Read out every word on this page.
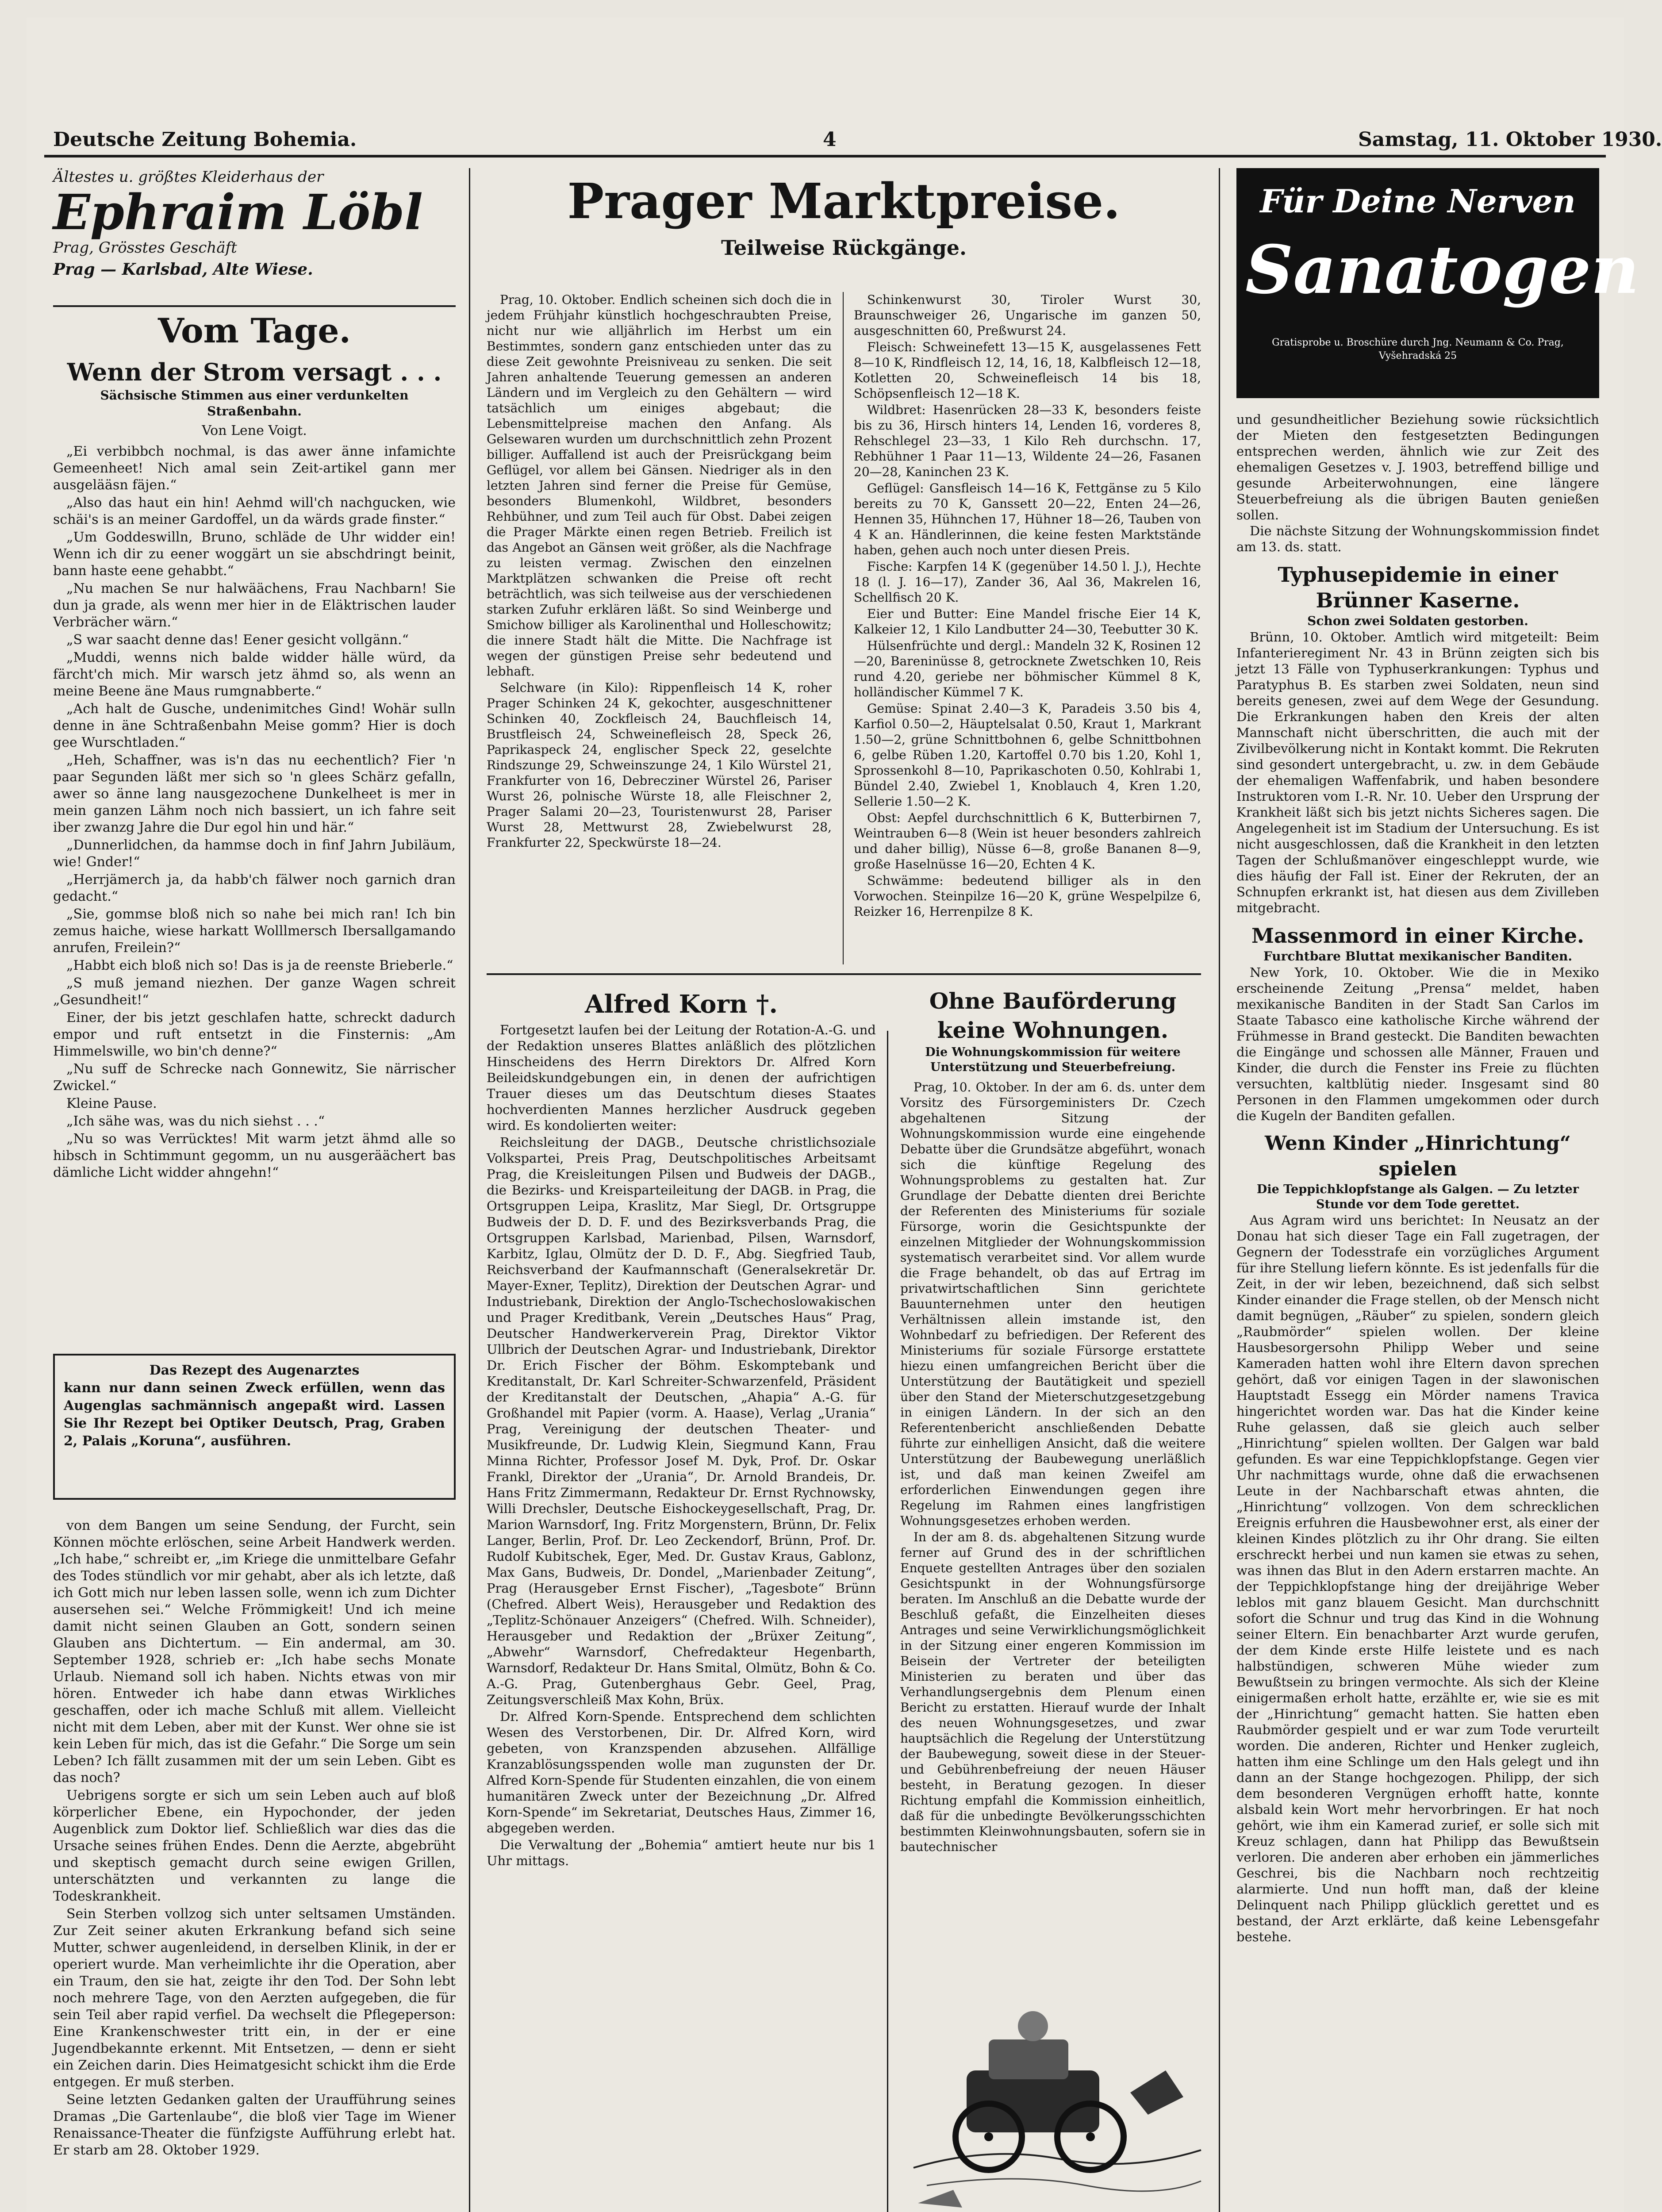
Deutsche Zeitung Bohemia.	4	Samstag, 11. Oktober 1930.
Ältestes u. größtes Kleiderhaus der
Ephraim Löbl
Prag, Grösstes Geschäft
Prag — Karlsbad, Alte Wiese.
Vom Tage.
Wenn der Strom versagt . . .
Sächsische Stimmen aus einer verdunkelten Straßenbahn.
Von Lene Voigt.

„Ei verbibbch nochmal, is das awer änne infamichte Gemeenheet! Nich amal sein Zeit-artikel gann mer ausgelääsn fäjen.“

„Also das haut ein hin! Aehmd will'ch nachgucken, wie schäi's is an meiner Gardoffel, un da wärds grade finster.“

„Um Goddeswilln, Bruno, schläde de Uhr widder ein! Wenn ich dir zu eener woggärt un sie abschdringt beinit, bann haste eene gehabbt.“

„Nu machen Se nur halwäächens, Frau Nachbarn! Sie dun ja grade, als wenn mer hier in de Eläktrischen lauder Verbrächer wärn.“

„S war saacht denne das! Eener gesicht vollgänn.“

„Muddi, wenns nich balde widder hälle würd, da färcht'ch mich. Mir warsch jetz ähmd so, als wenn an meine Beene äne Maus rumgnabberte.“

„Ach halt de Gusche, undenimitches Gind! Wohär sulln denne in äne Schtraßenbahn Meise gomm? Hier is doch gee Wurschtladen.“

„Heh, Schaffner, was is'n das nu eechentlich? Fier 'n paar Segunden läßt mer sich so 'n glees Schärz gefalln, awer so änne lang nausgezochene Dunkelheet is mer in mein ganzen Lähm noch nich bassiert, un ich fahre seit iber zwanzg Jahre die Dur egol hin und här.“

„Dunnerlidchen, da hammse doch in finf Jahrn Jubiläum, wie! Gnder!“

„Herrjämerch ja, da habb'ch fälwer noch garnich dran gedacht.“

„Sie, gommse bloß nich so nahe bei mich ran! Ich bin zemus haiche, wiese harkatt Wolllmersch Ibersallgamando anrufen, Freilein?“

„Habbt eich bloß nich so! Das is ja de reenste Brieberle.“

„S muß jemand niezhen. Der ganze Wagen schreit „Gesundheit!“

Einer, der bis jetzt geschlafen hatte, schreckt dadurch empor und ruft entsetzt in die Finsternis: „Am Himmelswille, wo bin'ch denne?“

„Nu suff de Schrecke nach Gonnewitz, Sie närrischer Zwickel.“

Kleine Pause.

„Ich sähe was, was du nich siehst . . .“

„Nu so was Verrücktes! Mit warm jetzt ähmd alle so hibsch in Schtimmunt gegomm, un nu ausgeräächert bas dämliche Licht widder ahngehn!“

Das Rezept des Augenarztes
kann nur dann seinen Zweck erfüllen, wenn das Augenglas sachmännisch angepaßt wird. Lassen Sie Ihr Rezept bei Optiker Deutsch, Prag, Graben 2, Palais „Koruna“, ausführen.

von dem Bangen um seine Sendung, der Furcht, sein Können möchte erlöschen, seine Arbeit Handwerk werden. „Ich habe,“ schreibt er, „im Kriege die unmittelbare Gefahr des Todes stündlich vor mir gehabt, aber als ich letzte, daß ich Gott mich nur leben lassen solle, wenn ich zum Dichter ausersehen sei.“ Welche Frömmigkeit! Und ich meine damit nicht seinen Glauben an Gott, sondern seinen Glauben ans Dichtertum. — Ein andermal, am 30. September 1928, schrieb er: „Ich habe sechs Monate Urlaub. Niemand soll ich haben. Nichts etwas von mir hören. Entweder ich habe dann etwas Wirkliches geschaffen, oder ich mache Schluß mit allem. Vielleicht nicht mit dem Leben, aber mit der Kunst. Wer ohne sie ist kein Leben für mich, das ist die Gefahr.“ Die Sorge um sein Leben? Ich fällt zusammen mit der um sein Leben. Gibt es das noch?

Uebrigens sorgte er sich um sein Leben auch auf bloß körperlicher Ebene, ein Hypochonder, der jeden Augenblick zum Doktor lief. Schließlich war dies das die Ursache seines frühen Endes. Denn die Aerzte, abgebrüht und skeptisch gemacht durch seine ewigen Grillen, unterschätzten und verkannten zu lange die Todeskrankheit.

Sein Sterben vollzog sich unter seltsamen Umständen. Zur Zeit seiner akuten Erkrankung befand sich seine Mutter, schwer augenleidend, in derselben Klinik, in der er operiert wurde. Man verheimlichte ihr die Operation, aber ein Traum, den sie hat, zeigte ihr den Tod. Der Sohn lebt noch mehrere Tage, von den Aerzten aufgegeben, die für sein Teil aber rapid verfiel. Da wechselt die Pflegeperson: Eine Krankenschwester tritt ein, in der er eine Jugendbekannte erkennt. Mit Entsetzen, — denn er sieht ein Zeichen darin. Dies Heimatgesicht schickt ihm die Erde entgegen. Er muß sterben.

Seine letzten Gedanken galten der Uraufführung seines Dramas „Die Gartenlaube“, die bloß vier Tage im Wiener Renaissance-Theater die fünfzigste Aufführung erlebt hat. Er starb am 28. Oktober 1929.

Prager Marktpreise.
Teilweise Rückgänge.

Prag, 10. Oktober. Endlich scheinen sich doch die in jedem Frühjahr künstlich hochgeschraubten Preise, nicht nur wie alljährlich im Herbst um ein Bestimmtes, sondern ganz entschieden unter das zu diese Zeit gewohnte Preisniveau zu senken. Die seit Jahren anhaltende Teuerung gemessen an anderen Ländern und im Vergleich zu den Gehältern — wird tatsächlich um einiges abgebaut; die Lebensmittelpreise machen den Anfang. Als Gelsewaren wurden um durchschnittlich zehn Prozent billiger. Auffallend ist auch der Preisrückgang beim Geflügel, vor allem bei Gänsen. Niedriger als in den letzten Jahren sind ferner die Preise für Gemüse, besonders Blumenkohl, Wildbret, besonders Rehbühner, und zum Teil auch für Obst. Dabei zeigen die Prager Märkte einen regen Betrieb. Freilich ist das Angebot an Gänsen weit größer, als die Nachfrage zu leisten vermag. Zwischen den einzelnen Marktplätzen schwanken die Preise oft recht beträchtlich, was sich teilweise aus der verschiedenen starken Zufuhr erklären läßt. So sind Weinberge und Smichow billiger als Karolinenthal und Holleschowitz; die innere Stadt hält die Mitte. Die Nachfrage ist wegen der günstigen Preise sehr bedeutend und lebhaft.

Selchware (in Kilo): Rippenfleisch 14 K, roher Prager Schinken 24 K, gekochter, ausgeschnittener Schinken 40, Zockfleisch 24, Bauchfleisch 14, Brustfleisch 24, Schweinefleisch 28, Speck 26, Paprikaspeck 24, englischer Speck 22, geselchte Rindszunge 29, Schweinszunge 24, 1 Kilo Würstel 21, Frankfurter von 16, Debrecziner Würstel 26, Pariser Wurst 26, polnische Würste 18, alle Fleischner 2, Prager Salami 20—23, Touristenwurst 28, Pariser Wurst 28, Mettwurst 28, Zwiebelwurst 28, Frankfurter 22, Speckwürste 18—24.

Schinkenwurst 30, Tiroler Wurst 30, Braunschweiger 26, Ungarische im ganzen 50, ausgeschnitten 60, Preßwurst 24.

Fleisch: Schweinefett 13—15 K, ausgelassenes Fett 8—10 K, Rindfleisch 12, 14, 16, 18, Kalbfleisch 12—18, Kotletten 20, Schweinefleisch 14 bis 18, Schöpsenfleisch 12—18 K.

Wildbret: Hasenrücken 28—33 K, besonders feiste bis zu 36, Hirsch hinters 14, Lenden 16, vorderes 8, Rehschlegel 23—33, 1 Kilo Reh durchschn. 17, Rebhühner 1 Paar 11—13, Wildente 24—26, Fasanen 20—28, Kaninchen 23 K.

Geflügel: Gansfleisch 14—16 K, Fettgänse zu 5 Kilo bereits zu 70 K, Ganssett 20—22, Enten 24—26, Hennen 35, Hühnchen 17, Hühner 18—26, Tauben von 4 K an. Händlerinnen, die keine festen Marktstände haben, gehen auch noch unter diesen Preis.

Fische: Karpfen 14 K (gegenüber 14.50 l. J.), Hechte 18 (l. J. 16—17), Zander 36, Aal 36, Makrelen 16, Schellfisch 20 K.

Eier und Butter: Eine Mandel frische Eier 14 K, Kalkeier 12, 1 Kilo Landbutter 24—30, Teebutter 30 K.

Hülsenfrüchte und dergl.: Mandeln 32 K, Rosinen 12—20, Bareninüsse 8, getrocknete Zwetschken 10, Reis rund 4.20, geriebe ner böhmischer Kümmel 8 K, holländischer Kümmel 7 K.

Gemüse: Spinat 2.40—3 K, Paradeis 3.50 bis 4, Karfiol 0.50—2, Häuptelsalat 0.50, Kraut 1, Markrant 1.50—2, grüne Schnittbohnen 6, gelbe Schnittbohnen 6, gelbe Rüben 1.20, Kartoffel 0.70 bis 1.20, Kohl 1, Sprossenkohl 8—10, Paprikaschoten 0.50, Kohlrabi 1, Bündel 2.40, Zwiebel 1, Knoblauch 4, Kren 1.20, Sellerie 1.50—2 K.

Obst: Aepfel durchschnittlich 6 K, Butterbirnen 7, Weintrauben 6—8 (Wein ist heuer besonders zahlreich und daher billig), Nüsse 6—8, große Bananen 8—9, große Haselnüsse 16—20, Echten 4 K.

Schwämme: bedeutend billiger als in den Vorwochen. Steinpilze 16—20 K, grüne Wespelpilze 6, Reizker 16, Herrenpilze 8 K.

Alfred Korn †.

Fortgesetzt laufen bei der Leitung der Rotation-A.-G. und der Redaktion unseres Blattes anläßlich des plötzlichen Hinscheidens des Herrn Direktors Dr. Alfred Korn Beileidskundgebungen ein, in denen der aufrichtigen Trauer dieses um das Deutschtum dieses Staates hochverdienten Mannes herzlicher Ausdruck gegeben wird. Es kondolierten weiter:

Reichsleitung der DAGB., Deutsche christlichsoziale Volkspartei, Preis Prag, Deutschpolitisches Arbeitsamt Prag, die Kreisleitungen Pilsen und Budweis der DAGB., die Bezirks- und Kreisparteileitung der DAGB. in Prag, die Ortsgruppen Leipa, Kraslitz, Mar Siegl, Dr. Ortsgruppe Budweis der D. D. F. und des Bezirksverbands Prag, die Ortsgruppen Karlsbad, Marienbad, Pilsen, Warnsdorf, Karbitz, Iglau, Olmütz der D. D. F., Abg. Siegfried Taub, Reichsverband der Kaufmannschaft (Generalsekretär Dr. Mayer-Exner, Teplitz), Direktion der Deutschen Agrar- und Industriebank, Direktion der Anglo-Tschechoslowakischen und Prager Kreditbank, Verein „Deutsches Haus“ Prag, Deutscher Handwerkerverein Prag, Direktor Viktor Ullbrich der Deutschen Agrar- und Industriebank, Direktor Dr. Erich Fischer der Böhm. Eskomptebank und Kreditanstalt, Dr. Karl Schreiter-Schwarzenfeld, Präsident der Kreditanstalt der Deutschen, „Ahapia“ A.-G. für Großhandel mit Papier (vorm. A. Haase), Verlag „Urania“ Prag, Vereinigung der deutschen Theater- und Musikfreunde, Dr. Ludwig Klein, Siegmund Kann, Frau Minna Richter, Professor Josef M. Dyk, Prof. Dr. Oskar Frankl, Direktor der „Urania“, Dr. Arnold Brandeis, Dr. Hans Fritz Zimmermann, Redakteur Dr. Ernst Rychnowsky, Willi Drechsler, Deutsche Eishockeygesellschaft, Prag, Dr. Marion Warnsdorf, Ing. Fritz Morgenstern, Brünn, Dr. Felix Langer, Berlin, Prof. Dr. Leo Zeckendorf, Brünn, Prof. Dr. Rudolf Kubitschek, Eger, Med. Dr. Gustav Kraus, Gablonz, Max Gans, Budweis, Dr. Dondel, „Marienbader Zeitung“, Prag (Herausgeber Ernst Fischer), „Tagesbote“ Brünn (Chefred. Albert Weis), Herausgeber und Redaktion des „Teplitz-Schönauer Anzeigers“ (Chefred. Wilh. Schneider), Herausgeber und Redaktion der „Brüxer Zeitung“, „Abwehr“ Warnsdorf, Chefredakteur Hegenbarth, Warnsdorf, Redakteur Dr. Hans Smital, Olmütz, Bohn & Co. A.-G. Prag, Gutenberghaus Gebr. Geel, Prag, Zeitungsverschleiß Max Kohn, Brüx.

Dr. Alfred Korn-Spende. Entsprechend dem schlichten Wesen des Verstorbenen, Dir. Dr. Alfred Korn, wird gebeten, von Kranzspenden abzusehen. Allfällige Kranzablösungsspenden wolle man zugunsten der Dr. Alfred Korn-Spende für Studenten einzahlen, die von einem humanitären Zweck unter der Bezeichnung „Dr. Alfred Korn-Spende“ im Sekretariat, Deutsches Haus, Zimmer 16, abgegeben werden.

Die Verwaltung der „Bohemia“ amtiert heute nur bis 1 Uhr mittags.

Ohne Bauförderung keine Wohnungen.
Die Wohnungskommission für weitere Unterstützung und Steuerbefreiung.

Prag, 10. Oktober. In der am 6. ds. unter dem Vorsitz des Fürsorgeministers Dr. Czech abgehaltenen Sitzung der Wohnungskommission wurde eine eingehende Debatte über die Grundsätze abgeführt, wonach sich die künftige Regelung des Wohnungsproblems zu gestalten hat. Zur Grundlage der Debatte dienten drei Berichte der Referenten des Ministeriums für soziale Fürsorge, worin die Gesichtspunkte der einzelnen Mitglieder der Wohnungskommission systematisch verarbeitet sind. Vor allem wurde die Frage behandelt, ob das auf Ertrag im privatwirtschaftlichen Sinn gerichtete Bauunternehmen unter den heutigen Verhältnissen allein imstande ist, den Wohnbedarf zu befriedigen. Der Referent des Ministeriums für soziale Fürsorge erstattete hiezu einen umfangreichen Bericht über die Unterstützung der Bautätigkeit und speziell über den Stand der Mieterschutzgesetzgebung in einigen Ländern. In der sich an den Referentenbericht anschließenden Debatte führte zur einhelligen Ansicht, daß die weitere Unterstützung der Baubewegung unerläßlich ist, und daß man keinen Zweifel am erforderlichen Einwendungen gegen ihre Regelung im Rahmen eines langfristigen Wohnungsgesetzes erhoben werden.

In der am 8. ds. abgehaltenen Sitzung wurde ferner auf Grund des in der schriftlichen Enquete gestellten Antrages über den sozialen Gesichtspunkt in der Wohnungsfürsorge beraten. Im Anschluß an die Debatte wurde der Beschluß gefaßt, die Einzelheiten dieses Antrages und seine Verwirklichungsmöglichkeit in der Sitzung einer engeren Kommission im Beisein der Vertreter der beteiligten Ministerien zu beraten und über das Verhandlungsergebnis dem Plenum einen Bericht zu erstatten. Hierauf wurde der Inhalt des neuen Wohnungsgesetzes, und zwar hauptsächlich die Regelung der Unterstützung der Baubewegung, soweit diese in der Steuer- und Gebührenbefreiung der neuen Häuser besteht, in Beratung gezogen. In dieser Richtung empfahl die Kommission einheitlich, daß für die unbedingte Bevölkerungsschichten bestimmten Kleinwohnungsbauten, sofern sie in bautechnischer

Für Deine Nerven
Sanatogen
Gratisprobe u. Broschüre durch Jng. Neumann & Co. Prag, Vyšehradská 25
und gesundheitlicher Beziehung sowie rücksichtlich der Mieten den festgesetzten Bedingungen entsprechen werden, ähnlich wie zur Zeit des ehemaligen Gesetzes v. J. 1903, betreffend billige und gesunde Arbeiterwohnungen, eine längere Steuerbefreiung als die übrigen Bauten genießen sollen.
Die nächste Sitzung der Wohnungskommission findet am 13. ds. statt.
Typhusepidemie in einer Brünner Kaserne.
Schon zwei Soldaten gestorben.
Brünn, 10. Oktober. Amtlich wird mitgeteilt: Beim Infanterieregiment Nr. 43 in Brünn zeigten sich bis jetzt 13 Fälle von Typhuserkrankungen: Typhus und Paratyphus B. Es starben zwei Soldaten, neun sind bereits genesen, zwei auf dem Wege der Gesundung. Die Erkrankungen haben den Kreis der alten Mannschaft nicht überschritten, die auch mit der Zivilbevölkerung nicht in Kontakt kommt. Die Rekruten sind gesondert untergebracht, u. zw. in dem Gebäude der ehemaligen Waffenfabrik, und haben besondere Instruktoren vom I.-R. Nr. 10. Ueber den Ursprung der Krankheit läßt sich bis jetzt nichts Sicheres sagen. Die Angelegenheit ist im Stadium der Untersuchung. Es ist nicht ausgeschlossen, daß die Krankheit in den letzten Tagen der Schlußmanöver eingeschleppt wurde, wie dies häufig der Fall ist. Einer der Rekruten, der an Schnupfen erkrankt ist, hat diesen aus dem Zivilleben mitgebracht.
Massenmord in einer Kirche.
Furchtbare Bluttat mexikanischer Banditen.
New York, 10. Oktober. Wie die in Mexiko erscheinende Zeitung „Prensa“ meldet, haben mexikanische Banditen in der Stadt San Carlos im Staate Tabasco eine katholische Kirche während der Frühmesse in Brand gesteckt. Die Banditen bewachten die Eingänge und schossen alle Männer, Frauen und Kinder, die durch die Fenster ins Freie zu flüchten versuchten, kaltblütig nieder. Insgesamt sind 80 Personen in den Flammen umgekommen oder durch die Kugeln der Banditen gefallen.
Wenn Kinder „Hinrichtung“ spielen
Die Teppichklopfstange als Galgen. — Zu letzter Stunde vor dem Tode gerettet.
Aus Agram wird uns berichtet: In Neusatz an der Donau hat sich dieser Tage ein Fall zugetragen, der Gegnern der Todesstrafe ein vorzügliches Argument für ihre Stellung liefern könnte. Es ist jedenfalls für die Zeit, in der wir leben, bezeichnend, daß sich selbst Kinder einander die Frage stellen, ob der Mensch nicht damit begnügen, „Räuber“ zu spielen, sondern gleich „Raubmörder“ spielen wollen. Der kleine Hausbesorgersohn Philipp Weber und seine Kameraden hatten wohl ihre Eltern davon sprechen gehört, daß vor einigen Tagen in der slawonischen Hauptstadt Essegg ein Mörder namens Travica hingerichtet worden war. Das hat die Kinder keine Ruhe gelassen, daß sie gleich auch selber „Hinrichtung“ spielen wollten. Der Galgen war bald gefunden. Es war eine Teppichklopfstange. Gegen vier Uhr nachmittags wurde, ohne daß die erwachsenen Leute in der Nachbarschaft etwas ahnten, die „Hinrichtung“ vollzogen. Von dem schrecklichen Ereignis erfuhren die Hausbewohner erst, als einer der kleinen Kindes plötzlich zu ihr Ohr drang. Sie eilten erschreckt herbei und nun kamen sie etwas zu sehen, was ihnen das Blut in den Adern erstarren machte. An der Teppichklopfstange hing der dreijährige Weber leblos mit ganz blauem Gesicht. Man durchschnitt sofort die Schnur und trug das Kind in die Wohnung seiner Eltern. Ein benachbarter Arzt wurde gerufen, der dem Kinde erste Hilfe leistete und es nach halbstündigen, schweren Mühe wieder zum Bewußtsein zu bringen vermochte. Als sich der Kleine einigermaßen erholt hatte, erzählte er, wie sie es mit der „Hinrichtung“ gemacht hatten. Sie hatten eben Raubmörder gespielt und er war zum Tode verurteilt worden. Die anderen, Richter und Henker zugleich, hatten ihm eine Schlinge um den Hals gelegt und ihn dann an der Stange hochgezogen. Philipp, der sich dem besonderen Vergnügen erhofft hatte, konnte alsbald kein Wort mehr hervorbringen. Er hat noch gehört, wie ihm ein Kamerad zurief, er solle sich mit Kreuz schlagen, dann hat Philipp das Bewußtsein verloren. Die anderen aber erhoben ein jämmerliches Geschrei, bis die Nachbarn noch rechtzeitig alarmierte. Und nun hofft man, daß der kleine Delinquent nach Philipp glücklich gerettet und es bestand, der Arzt erklärte, daß keine Lebensgefahr bestehe.
